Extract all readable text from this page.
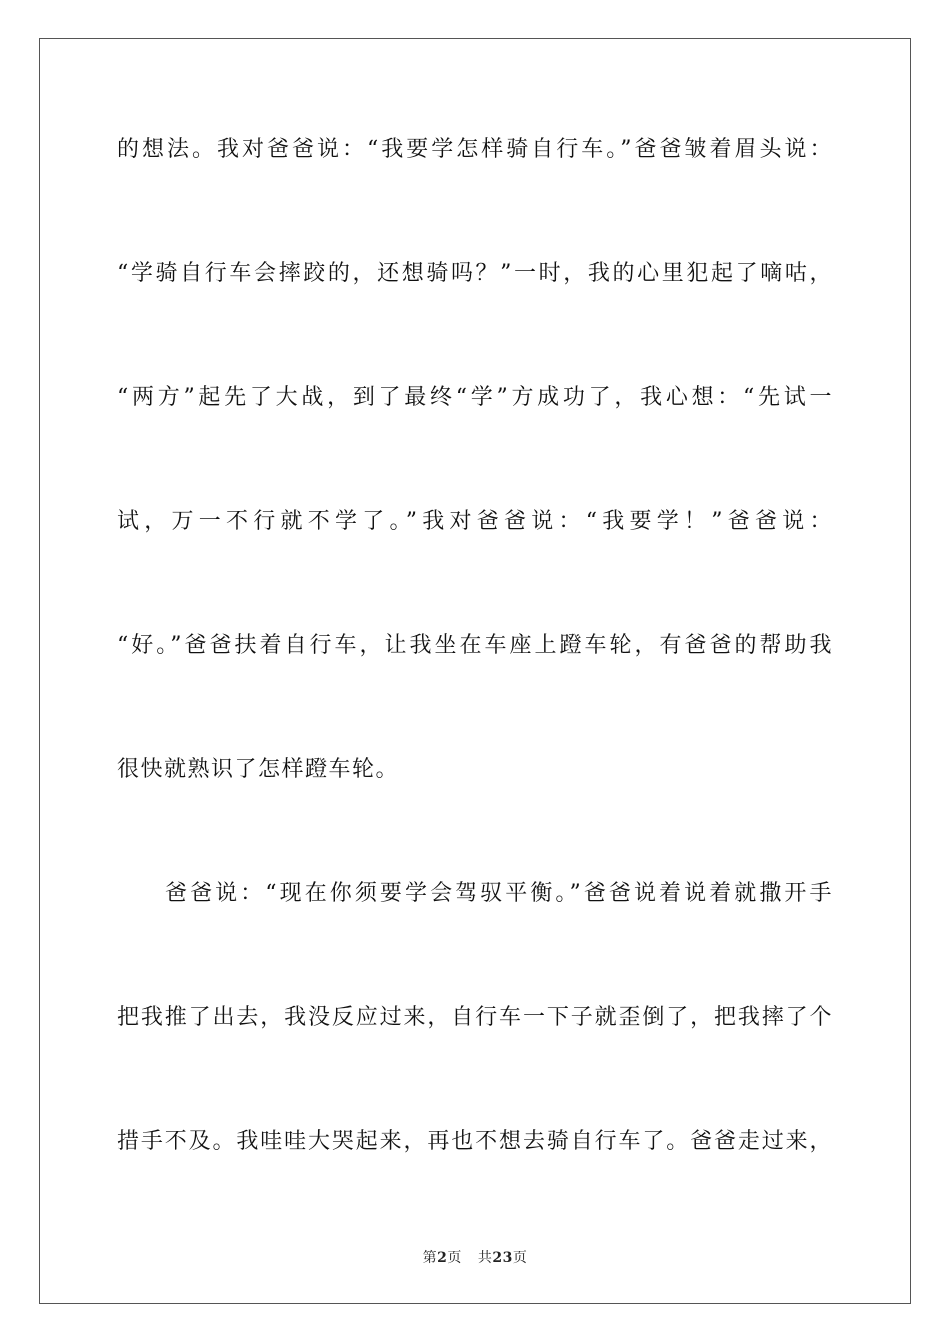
的想法。我对爸爸说：“我要学怎样骑自行车。”爸爸皱着眉头说：
“学骑自行车会摔跤的，还想骑吗？”一时，我的心里犯起了嘀咕，
“两方”起先了大战，到了最终“学”方成功了，我心想：“先试一
试，万一不行就不学了。”我对爸爸说：“我要学！”爸爸说：
“好。”爸爸扶着自行车，让我坐在车座上蹬车轮，有爸爸的帮助我
很快就熟识了怎样蹬车轮。
爸爸说：“现在你须要学会驾驭平衡。”爸爸说着说着就撒开手
把我推了出去，我没反应过来，自行车一下子就歪倒了，把我摔了个
措手不及。我哇哇大哭起来，再也不想去骑自行车了。爸爸走过来，
第2页 共23页
